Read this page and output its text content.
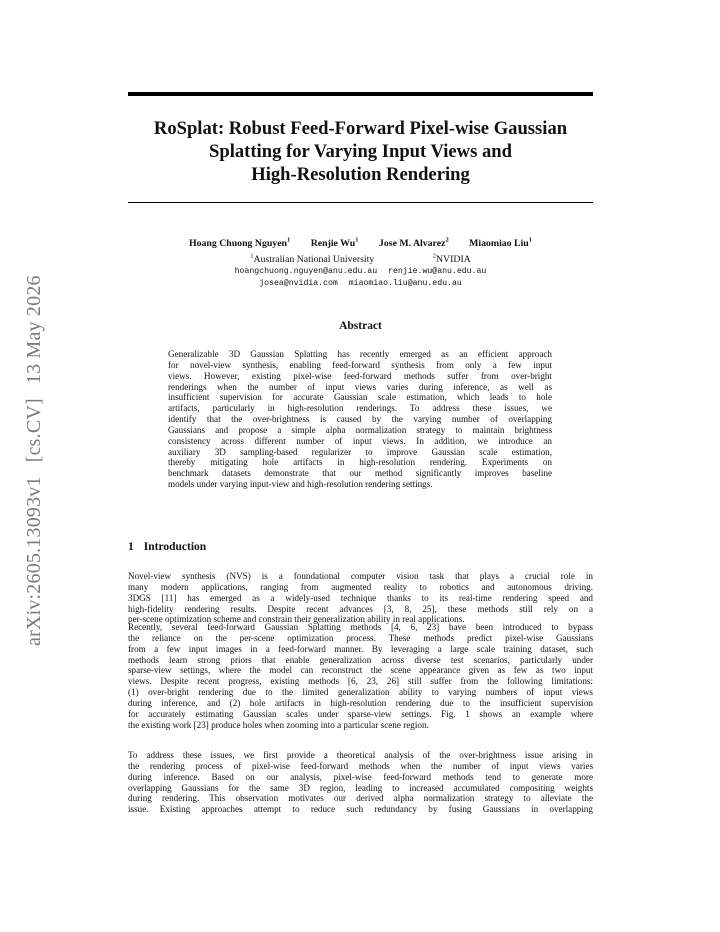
arXiv:2605.13093v1[cs.CV]13 May 2026
RoSplat: Robust Feed-Forward Pixel-wise Gaussian
Splatting for Varying Input Views and
High-Resolution Rendering
Hoang Chuong Nguyen$^1$ Renjie Wu$^1$ Jose M. Alvarez$^2$ Miaomiao Liu$^1$
$^1$Australian National University	$^2$NVIDIA
hoangchuong.nguyen@anu.edu.au renjie.wu@anu.edu.au
josea@nvidia.com miaomiao.liu@anu.edu.au
Abstract
Generalizable 3D Gaussian Splatting has recently emerged as an efficient approach
for novel-view synthesis, enabling feed-forward synthesis from only a few input
views. However, existing pixel-wise feed-forward methods suffer from over-bright
renderings when the number of input views varies during inference, as well as
insufficient supervision for accurate Gaussian scale estimation, which leads to hole
artifacts, particularly in high-resolution renderings. To address these issues, we
identify that the over-brightness is caused by the varying number of overlapping
Gaussians and propose a simple alpha normalization strategy to maintain brightness
consistency across different number of input views. In addition, we introduce an
auxiliary 3D sampling-based regularizer to improve Gaussian scale estimation,
thereby mitigating hole artifacts in high-resolution rendering. Experiments on
benchmark datasets demonstrate that our method significantly improves baseline
models under varying input-view and high-resolution rendering settings.
1 Introduction
Novel-view synthesis (NVS) is a foundational computer vision task that plays a crucial role in
many modern applications, ranging from augmented reality to robotics and autonomous driving.
3DGS [11] has emerged as a widely-used technique thanks to its real-time rendering speed and
high-fidelity rendering results. Despite recent advances [3, 8, 25], these methods still rely on a
per-scene optimization scheme and constrain their generalization ability in real applications.
Recently, several feed-forward Gaussian Splatting methods [4, 6, 23] have been introduced to bypass
the reliance on the per-scene optimization process. These methods predict pixel-wise Gaussians
from a few input images in a feed-forward manner. By leveraging a large scale training dataset, such
methods learn strong priors that enable generalization across diverse test scenarios, particularly under
sparse-view settings, where the model can reconstruct the scene appearance given as few as two input
views. Despite recent progress, existing methods [6, 23, 26] still suffer from the following limitations:
(1) over-bright rendering due to the limited generalization ability to varying numbers of input views
during inference, and (2) hole artifacts in high-resolution rendering due to the insufficient supervision
for accurately estimating Gaussian scales under sparse-view settings. Fig. 1 shows an example where
the existing work [23] produce holes when zooming into a particular scene region.
To address these issues, we first provide a theoretical analysis of the over-brightness issue arising in
the rendering process of pixel-wise feed-forward methods when the number of input views varies
during inference. Based on our analysis, pixel-wise feed-forward methods tend to generate more
overlapping Gaussians for the same 3D region, leading to increased accumulated compositing weights
during rendering. This observation motivates our derived alpha normalization strategy to alleviate the
issue. Existing approaches attempt to reduce such redundancy by fusing Gaussians in overlapping
